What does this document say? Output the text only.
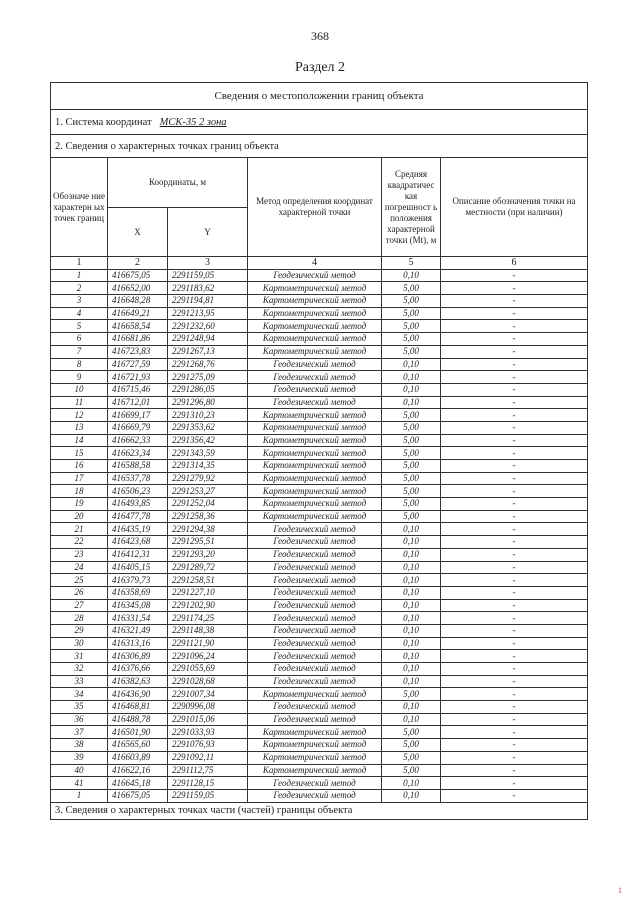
368
Раздел 2
Сведения о местоположении границ объекта					
1. Система координат МСК-35 2 зона					
2. Сведения о характерных точках границ объекта					
Обозначе ние характерн ых точек границ	Координаты, м		Метод определения координат характерной точки	Средняя квадратичес кая погрешност ь положения характерной точки (Mt), м	Описание обозначения точки на местности (при наличии)
	X	Y			
1	2	3	4	5	6
1	416675,05	2291159,05	Геодезический метод	0,10	-
2	416652,00	2291183,62	Картометрический метод	5,00	-
3	416648,28	2291194,81	Картометрический метод	5,00	-
4	416649,21	2291213,95	Картометрический метод	5,00	-
5	416658,54	2291232,60	Картометрический метод	5,00	-
6	416681,86	2291248,94	Картометрический метод	5,00	-
7	416723,83	2291267,13	Картометрический метод	5,00	-
8	416727,59	2291268,76	Геодезический метод	0,10	-
9	416721,93	2291275,09	Геодезический метод	0,10	-
10	416715,46	2291286,05	Геодезический метод	0,10	-
11	416712,01	2291296,80	Геодезический метод	0,10	-
12	416699,17	2291310,23	Картометрический метод	5,00	-
13	416669,79	2291353,62	Картометрический метод	5,00	-
14	416662,33	2291356,42	Картометрический метод	5,00	-
15	416623,34	2291343,59	Картометрический метод	5,00	-
16	416588,58	2291314,35	Картометрический метод	5,00	-
17	416537,78	2291279,92	Картометрический метод	5,00	-
18	416506,23	2291253,27	Картометрический метод	5,00	-
19	416493,85	2291252,04	Картометрический метод	5,00	-
20	416477,78	2291258,36	Картометрический метод	5,00	-
21	416435,19	2291294,38	Геодезический метод	0,10	-
22	416423,68	2291295,51	Геодезический метод	0,10	-
23	416412,31	2291293,20	Геодезический метод	0,10	-
24	416405,15	2291289,72	Геодезический метод	0,10	-
25	416379,73	2291258,51	Геодезический метод	0,10	-
26	416358,69	2291227,10	Геодезический метод	0,10	-
27	416345,08	2291202,90	Геодезический метод	0,10	-
28	416331,54	2291174,25	Геодезический метод	0,10	-
29	416321,49	2291148,38	Геодезический метод	0,10	-
30	416313,16	2291121,90	Геодезический метод	0,10	-
31	416306,89	2291096,24	Геодезический метод	0,10	-
32	416376,66	2291055,69	Геодезический метод	0,10	-
33	416382,63	2291028,68	Геодезический метод	0,10	-
34	416436,90	2291007,34	Картометрический метод	5,00	-
35	416468,81	2290996,08	Геодезический метод	0,10	-
36	416488,78	2291015,06	Геодезический метод	0,10	-
37	416501,90	2291033,93	Картометрический метод	5,00	-
38	416565,60	2291076,93	Картометрический метод	5,00	-
39	416603,89	2291092,11	Картометрический метод	5,00	-
40	416622,16	2291112,75	Картометрический метод	5,00	-
41	416645,18	2291128,15	Геодезический метод	0,10	-
1	416675,05	2291159,05	Геодезический метод	0,10	-
3. Сведения о характерных точках части (частей) границы объекта					
1
